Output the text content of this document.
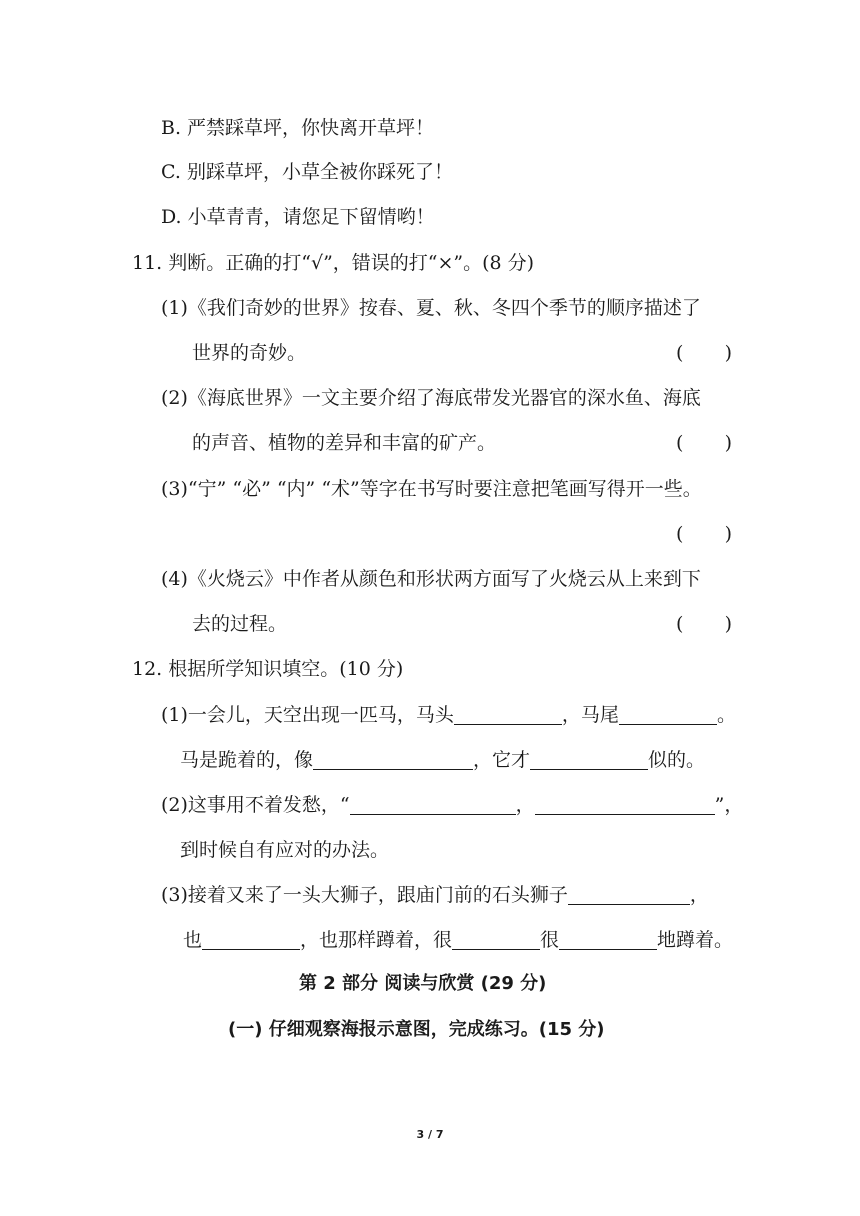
B. 严禁踩草坪，你快离开草坪！
C. 别踩草坪，小草全被你踩死了！
D. 小草青青，请您足下留情哟！
11. 判断。正确的打“√”，错误的打“×”。(8 分)
(1)《我们奇妙的世界》按春、夏、秋、冬四个季节的顺序描述了
世界的奇妙。	( )
(2)《海底世界》一文主要介绍了海底带发光器官的深水鱼、海底
的声音、植物的差异和丰富的矿产。	( )
(3)“宁” “必” “内” “术”等字在书写时要注意把笔画写得开一些。
( )
(4)《火烧云》中作者从颜色和形状两方面写了火烧云从上来到下
去的过程。	( )
12. 根据所学知识填空。(10 分)
(1)一会儿，天空出现一匹马，马头	，马尾	。
马是跪着的，像	，它才	似的。
(2)这事用不着发愁，“	，	”，
到时候自有应对的办法。
(3)接着又来了一头大狮子，跟庙门前的石头狮子	，
也	，也那样蹲着，很	很	地蹲着。
第 2 部分 阅读与欣赏 (29 分)
(一) 仔细观察海报示意图，完成练习。(15 分)
3 / 7
